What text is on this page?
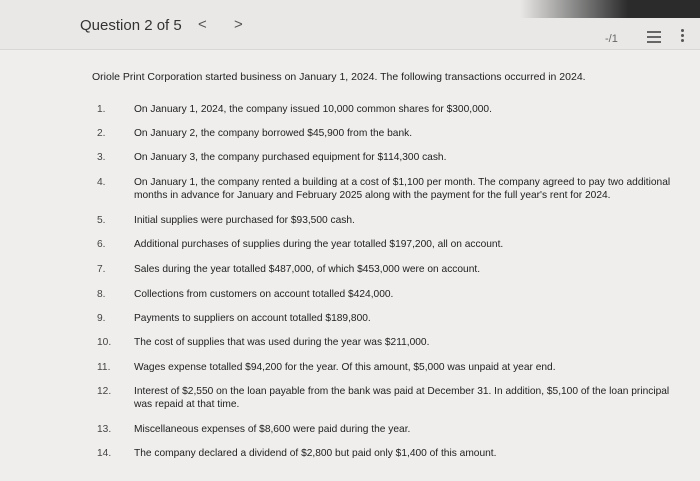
Question 2 of 5 < >
-/1
Oriole Print Corporation started business on January 1, 2024. The following transactions occurred in 2024.
1.	On January 1, 2024, the company issued 10,000 common shares for $300,000.
2.	On January 2, the company borrowed $45,900 from the bank.
3.	On January 3, the company purchased equipment for $114,300 cash.
4.	On January 1, the company rented a building at a cost of $1,100 per month. The company agreed to pay two additional months in advance for January and February 2025 along with the payment for the full year's rent for 2024.
5.	Initial supplies were purchased for $93,500 cash.
6.	Additional purchases of supplies during the year totalled $197,200, all on account.
7.	Sales during the year totalled $487,000, of which $453,000 were on account.
8.	Collections from customers on account totalled $424,000.
9.	Payments to suppliers on account totalled $189,800.
10.	The cost of supplies that was used during the year was $211,000.
11.	Wages expense totalled $94,200 for the year. Of this amount, $5,000 was unpaid at year end.
12.	Interest of $2,550 on the loan payable from the bank was paid at December 31. In addition, $5,100 of the loan principal was repaid at that time.
13.	Miscellaneous expenses of $8,600 were paid during the year.
14.	The company declared a dividend of $2,800 but paid only $1,400 of this amount.
